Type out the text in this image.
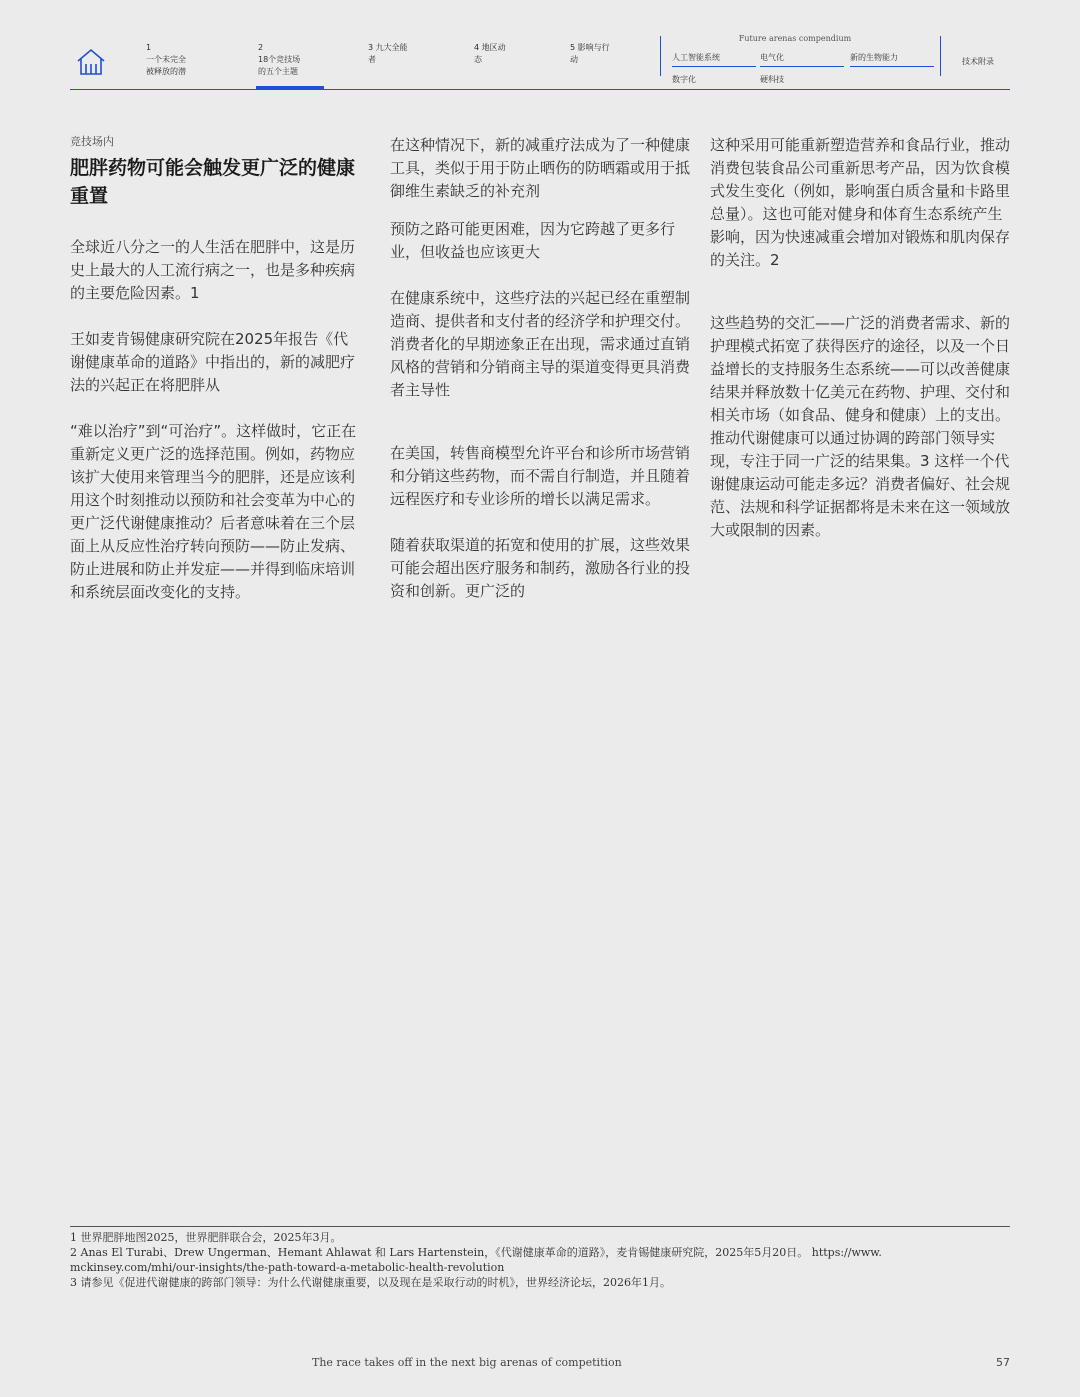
1
一个未完全
被释放的潜
2
18个竞技场
的五个主题
3 九大全能
者
4 地区动
态
5 影响与行
动
Future arenas compendium
人工智能系统	电气化	新的生物能力
数字化	硬科技
技术附录
竞技场内
肥胖药物可能会触发更广泛的健康重置

全球近八分之一的人生活在肥胖中，这是历史上最大的人工流行病之一，也是多种疾病的主要危险因素。1

王如麦肯锡健康研究院在2025年报告《代谢健康革命的道路》中指出的，新的减肥疗法的兴起正在将肥胖从

“难以治疗”到“可治疗”。这样做时，它正在重新定义更广泛的选择范围。例如，药物应该扩大使用来管理当今的肥胖，还是应该利用这个时刻推动以预防和社会变革为中心的更广泛代谢健康推动？后者意味着在三个层面上从反应性治疗转向预防——防止发病、防止进展和防止并发症——并得到临床培训和系统层面改变化的支持。

在这种情况下，新的减重疗法成为了一种健康工具，类似于用于防止晒伤的防晒霜或用于抵御维生素缺乏的补充剂

预防之路可能更困难，因为它跨越了更多行业，但收益也应该更大

在健康系统中，这些疗法的兴起已经在重塑制造商、提供者和支付者的经济学和护理交付。消费者化的早期迹象正在出现，需求通过直销风格的营销和分销商主导的渠道变得更具消费者主导性

在美国，转售商模型允许平台和诊所市场营销和分销这些药物，而不需自行制造，并且随着远程医疗和专业诊所的增长以满足需求。

随着获取渠道的拓宽和使用的扩展，这些效果可能会超出医疗服务和制药，激励各行业的投资和创新。更广泛的

这种采用可能重新塑造营养和食品行业，推动消费包装食品公司重新思考产品，因为饮食模式发生变化（例如，影响蛋白质含量和卡路里总量）。这也可能对健身和体育生态系统产生影响，因为快速减重会增加对锻炼和肌肉保存的关注。2

这些趋势的交汇——广泛的消费者需求、新的护理模式拓宽了获得医疗的途径，以及一个日益增长的支持服务生态系统——可以改善健康结果并释放数十亿美元在药物、护理、交付和相关市场（如食品、健身和健康）上的支出。推动代谢健康可以通过协调的跨部门领导实现，专注于同一广泛的结果集。3 这样一个代谢健康运动可能走多远？消费者偏好、社会规范、法规和科学证据都将是未来在这一领域放大或限制的因素。

1 世界肥胖地图2025，世界肥胖联合会，2025年3月。
2 Anas El Turabi、Drew Ungerman、Hemant Ahlawat 和 Lars Hartenstein，《代谢健康革命的道路》，麦肯锡健康研究院，2025年5月20日。 https://www.
mckinsey.com/mhi/our-insights/the-path-toward-a-metabolic-health-revolution
3 请参见《促进代谢健康的跨部门领导：为什么代谢健康重要，以及现在是采取行动的时机》，世界经济论坛，2026年1月。
The race takes off in the next big arenas of competition	57
